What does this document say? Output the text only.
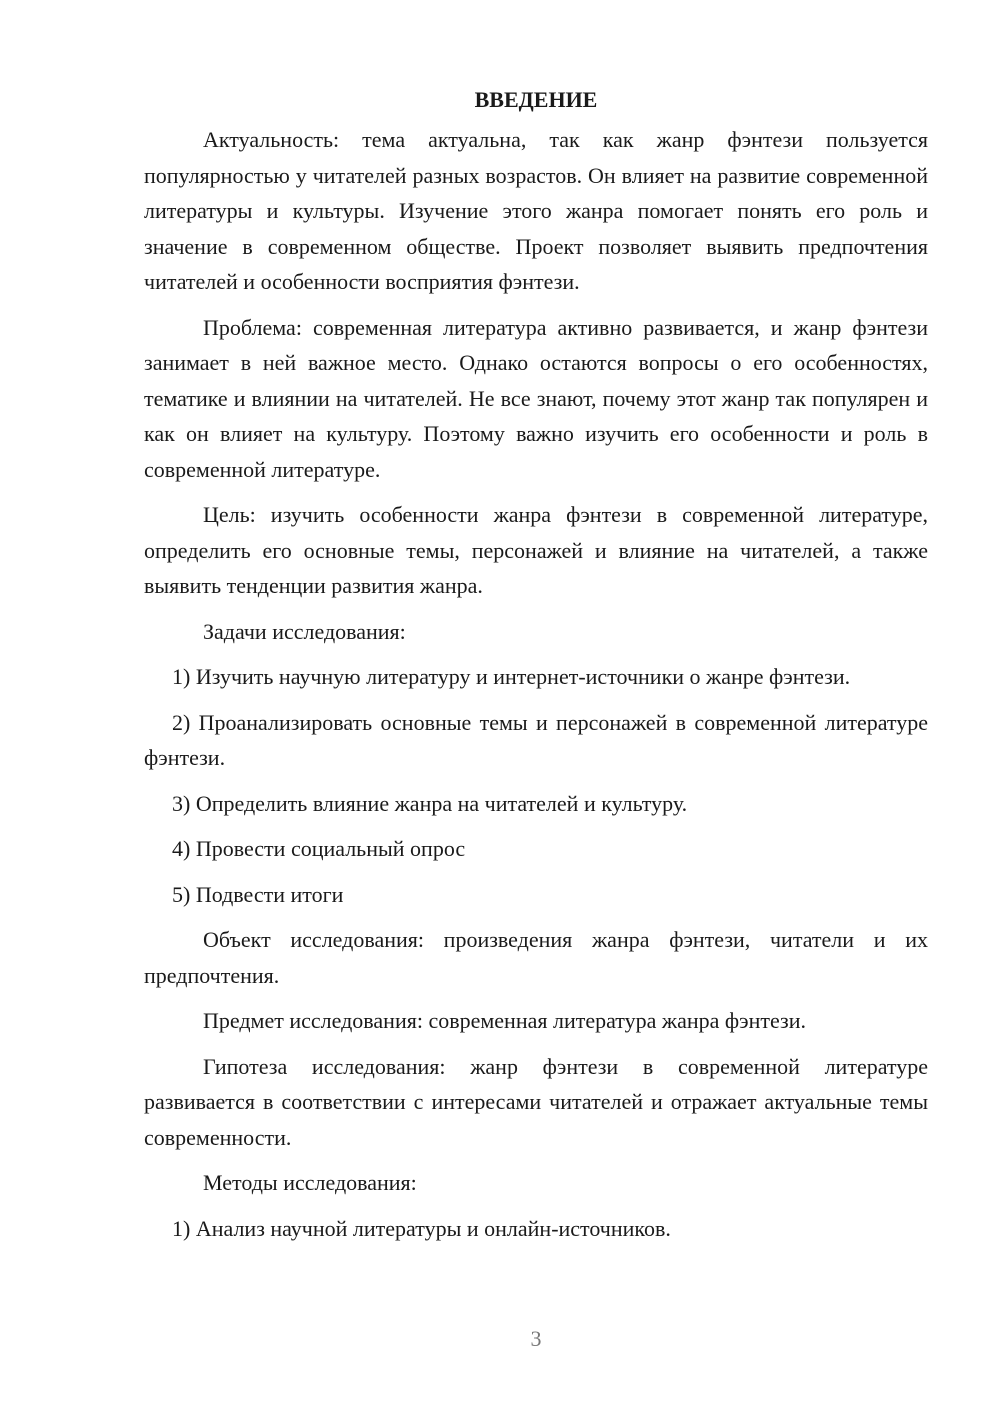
ВВЕДЕНИЕ

Актуальность: тема актуальна, так как жанр фэнтези пользуется популярностью у читателей разных возрастов. Он влияет на развитие современной литературы и культуры. Изучение этого жанра помогает понять его роль и значение в современном обществе. Проект позволяет выявить предпочтения читателей и особенности восприятия фэнтези.

Проблема: современная литература активно развивается, и жанр фэнтези занимает в ней важное место. Однако остаются вопросы о его особенностях, тематике и влиянии на читателей. Не все знают, почему этот жанр так популярен и как он влияет на культуру. Поэтому важно изучить его особенности и роль в современной литературе.

Цель: изучить особенности жанра фэнтези в современной литературе, определить его основные темы, персонажей и влияние на читателей, а также выявить тенденции развития жанра.

Задачи исследования:

1) Изучить научную литературу и интернет-источники о жанре фэнтези.

2) Проанализировать основные темы и персонажей в современной литературе фэнтези.

3) Определить влияние жанра на читателей и культуру.

4) Провести социальный опрос

5) Подвести итоги

Объект исследования: произведения жанра фэнтези, читатели и их предпочтения.

Предмет исследования: современная литература жанра фэнтези.

Гипотеза исследования: жанр фэнтези в современной литературе развивается в соответствии с интересами читателей и отражает актуальные темы современности.

Методы исследования:

1) Анализ научной литературы и онлайн-источников.

3
